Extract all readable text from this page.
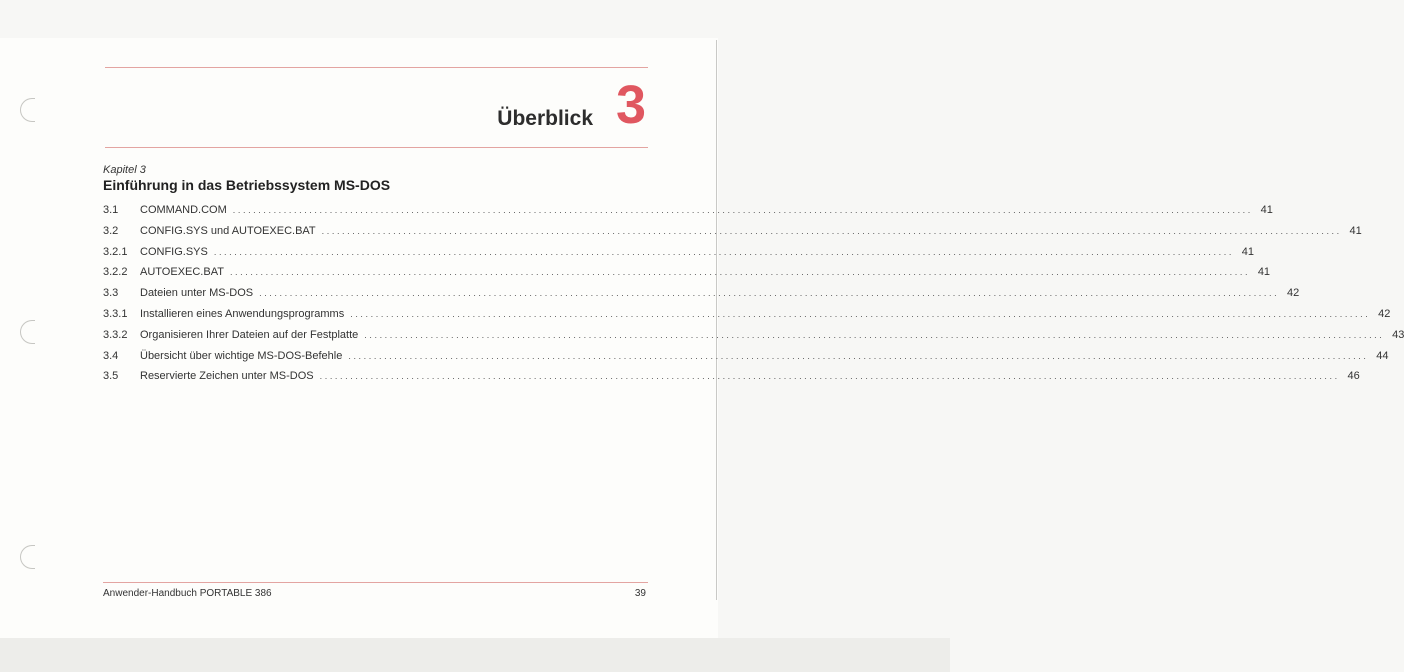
Überblick 3
Kapitel 3
Einführung in das Betriebssystem MS-DOS
3.1	COMMAND.COM ........................................................................................................................................................................................................ 41
3.2	CONFIG.SYS und AUTOEXEC.BAT ........................................................................................................................................................................................................ 41
3.2.1	CONFIG.SYS ........................................................................................................................................................................................................ 41
3.2.2	AUTOEXEC.BAT ........................................................................................................................................................................................................ 41
3.3	Dateien unter MS-DOS ........................................................................................................................................................................................................ 42
3.3.1	Installieren eines Anwendungsprogramms ........................................................................................................................................................................................................ 42
3.3.2	Organisieren Ihrer Dateien auf der Festplatte ........................................................................................................................................................................................................ 43
3.4	Übersicht über wichtige MS-DOS-Befehle ........................................................................................................................................................................................................ 44
3.5	Reservierte Zeichen unter MS-DOS ........................................................................................................................................................................................................ 46
Anwender-Handbuch PORTABLE 386	39
